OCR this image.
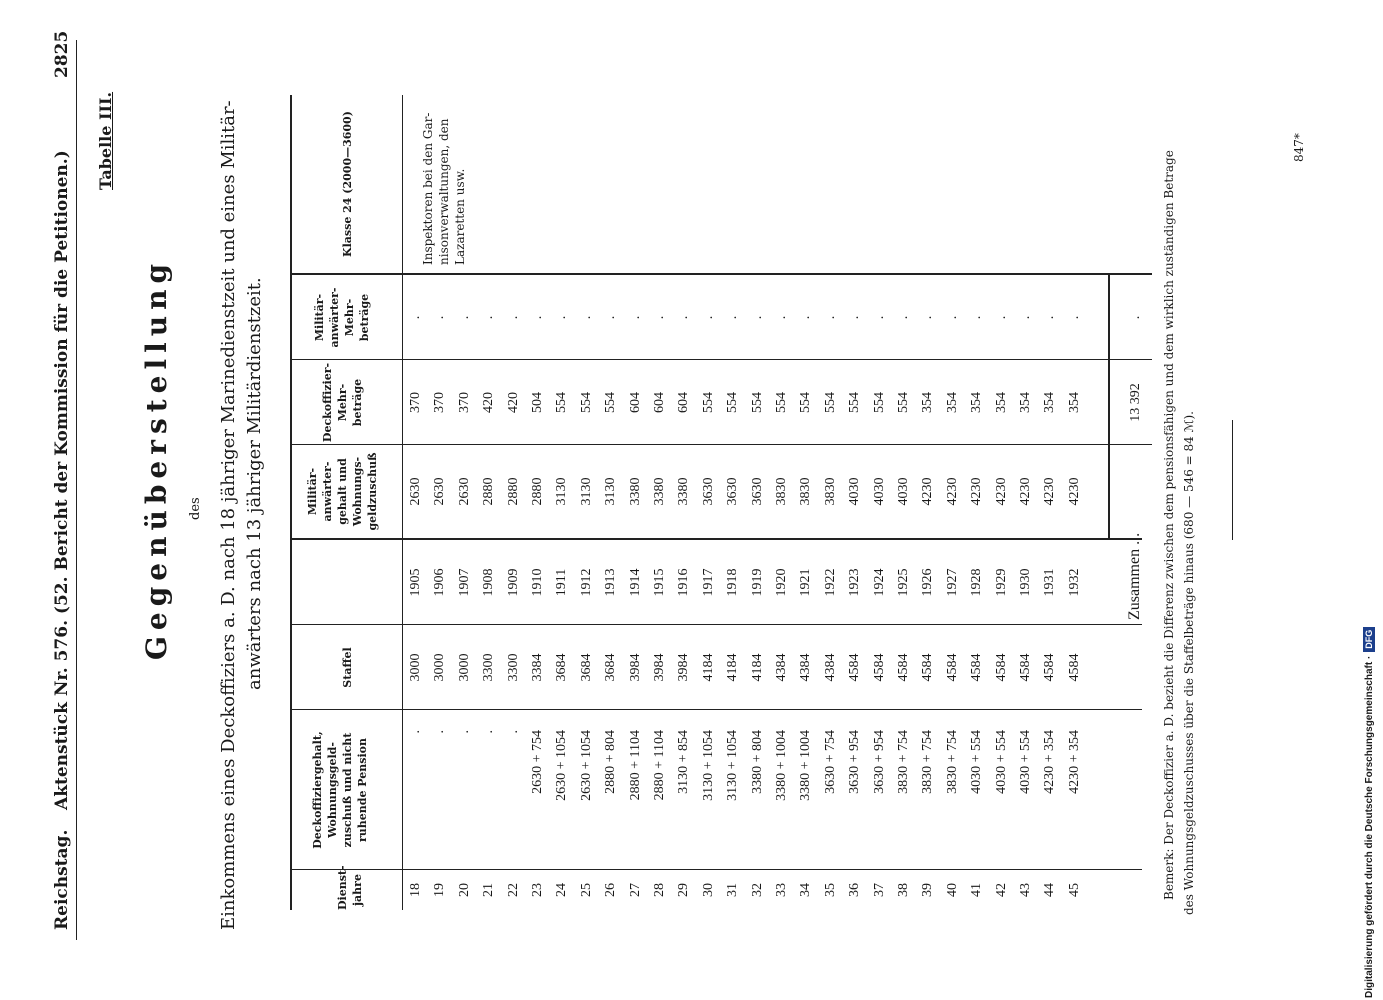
Reichstag.
Aktenstück Nr. 576. (52. Bericht der Kommission für die Petitionen.)
2825
Tabelle III.
Gegenüberstellung des Einkommens eines Deckoffiziers a. D. nach 18 jähriger Marinedienstzeit und eines Militär- anwärters nach 13 jähriger Militärdienstzeit.
Dienst-
jahre
Deckoffiziergehalt,
Wohnungsgeld-
zuschuß und nicht
ruhende Pension
Staffel
Militär-
anwärter-
gehalt und
Wohnungs-
geldzuschuß
Deckoffizier-
Mehr-
beträge
Militär-
anwärter-
Mehr-
beträge
Klasse 24 (2000—3600)	Inspektoren bei den Gar-
nisonverwaltungen, den
Lazaretten usw.
18
.
3000
1905
2630
370
.
19
.
3000
1906
2630
370
.
20
.
3000
1907
2630
370
.
21
.
3300
1908
2880
420
.
22
.
3300
1909
2880
420
.
23
2630 + 754
3384
1910
2880
504
.
24
2630 + 1054
3684
1911
3130
554
.
25
2630 + 1054
3684
1912
3130
554
.
26
2880 + 804
3684
1913
3130
554
.
27
2880 + 1104
3984
1914
3380
604
.
28
2880 + 1104
3984
1915
3380
604
.
29
3130 + 854
3984
1916
3380
604
.
30
3130 + 1054
4184
1917
3630
554
.
31
3130 + 1054
4184
1918
3630
554
.
32
3380 + 804
4184
1919
3630
554
.
33
3380 + 1004
4384
1920
3830
554
.
34
3380 + 1004
4384
1921
3830
554
.
35
3630 + 754
4384
1922
3830
554
.
36
3630 + 954
4584
1923
4030
554
.
37
3630 + 954
4584
1924
4030
554
.
38
3830 + 754
4584
1925
4030
554
.
39
3830 + 754
4584
1926
4230
354
.
40
3830 + 754
4584
1927
4230
354
.
41
4030 + 554
4584
1928
4230
354
.
42
4030 + 554
4584
1929
4230
354
.
43
4030 + 554
4584
1930
4230
354
.
44
4230 + 354
4584
1931
4230
354
.
45
4230 + 354
4584
1932
4230
354
.
Zusammen . .
13 392
. Bemerk: Der Deckoffizier a. D. bezieht die Differenz zwischen dem pensionsfähigen und dem wirklich zuständigen Betrage des Wohnungsgeldzuschusses über die Staffelbeträge hinaus (680 — 546 = 84 ℳ).
847*
Digitalisierung gefördert durch die Deutsche Forschungsgemeinschaft ·DFG
